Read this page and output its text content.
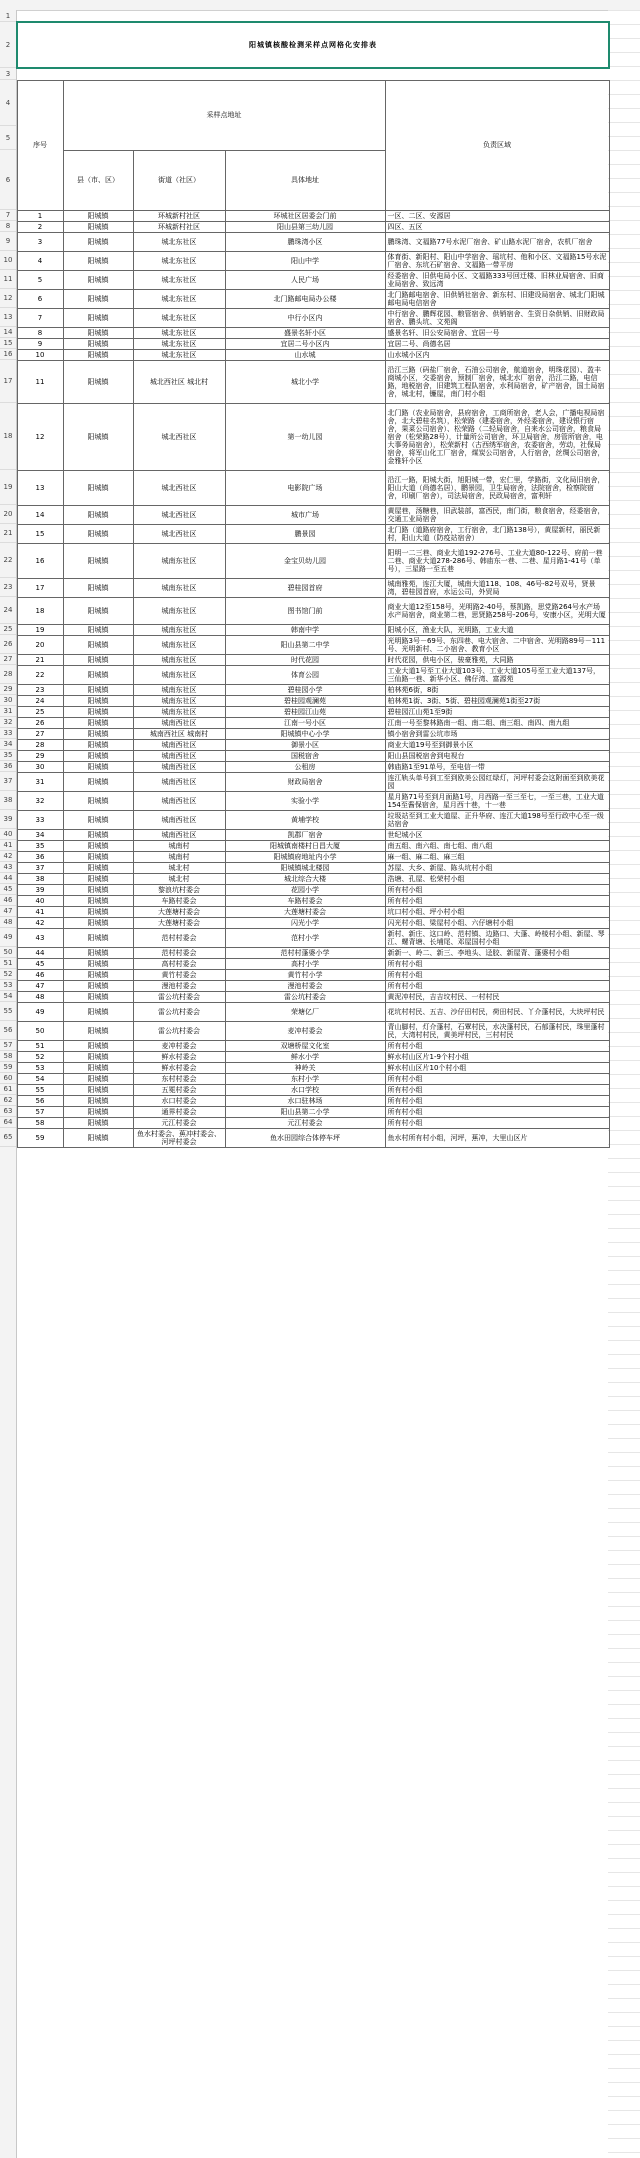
1
2
3
4
5
6
7
8
9
10
11
12
13
14
15
16
17
18
19
20
21
22
23
24
25
26
27
28
29
30
31
32
33
34
35
36
37
38
39
40
41
42
43
44
45
46
47
48
49
50
51
52
53
54
55
56
57
58
59
60
61
62
63
64
65

阳城镇核酸检测采样点网格化安排表				

序号	采样点地址			负责区域

	县（市、区）	街道（社区）	具体地址	
1	阳城镇	环城新村社区	环城社区居委会门前	一区、二区、安源居
2	阳城镇	环城新村社区	阳山县第三幼儿园	四区、五区
3	阳城镇	城北东社区	鹏珠湾小区	鹏珠湾、文福路77号水泥厂宿舍、矿山路水泥厂宿舍，农机厂宿舍
4	阳城镇	城北东社区	阳山中学	体育街、新阳村、阳山中学宿舍、瑶坑村、他和小区、文福路15号水泥厂宿舍、东坑石矿宿舍、文福路一带平房
5	阳城镇	城北东社区	人民广场	经委宿舍、旧供电局小区、文福路333号回迁楼、旧林业局宿舍、旧商业局宿舍、致远湾
6	阳城镇	城北东社区	北门路邮电局办公楼	北门路邮电宿舍、旧供销社宿舍、新东村、旧建设局宿舍、城北门阳城邮电局电信宿舍
7	阳城镇	城北东社区	中行小区内	中行宿舍、鹏辉花园、粮管宿舍、供销宿舍、生资日杂供销、旧财政局宿舍、鹏头坑、文苑阁
8	阳城镇	城北东社区	盛景名轩小区	盛景名轩、旧公安局宿舍、宜居一号
9	阳城镇	城北东社区	宜居二号小区内	宜居二号、尚德名居
10	阳城镇	城北东社区	山水城	山水城小区内
11	阳城镇	城北西社区 城北村	城北小学	沿江三路（码盐厂宿舍，石油公司宿舍，航道宿舍，明珠花园）、盈丰商城小区，交委宿舍，预制厂宿舍，城北水厂宿舍，沿江二路，电信路，地税宿舍，旧建筑工程队宿舍，水利局宿舍，矿产宿舍，国土局宿舍，城北村，镰屋，南门村小组
12	阳城镇	城北西社区	第一幼儿园	北门路（农业局宿舍，县府宿舍，工商所宿舍，老人会，广播电视局宿舍，北大碧桂名筑），松荣路（建委宿舍，外经委宿舍，建设银行宿舍，果菜公司宿舍）、松荣路（二轻局宿舍，自来水公司宿舍，粮食局宿舍（松荣路28号），计量所公司宿舍，环卫局宿舍，房管所宿舍，电大事务局宿舍），松荣新村（古西绣军宿舍，农委宿舍，劳动，社保局宿舍，将军山化工厂宿舍，煤炭公司宿舍，人行宿舍，丝绸公司宿舍，金雅轩小区
13	阳城镇	城北西社区	电影院广场	沿江一路，阳城大街，旭阳城一带，宏仁里，学路街，文化局旧宿舍，阳山大道（尚德名居），鹏景园，卫生局宿舍，法院宿舍，检察院宿舍，印刷厂宿舍），司法局宿舍，民政局宿舍，富利轩
14	阳城镇	城北西社区	城市广场	黄屋巷，汤糖巷，旧武装部，富西民，南门街，粮食宿舍，经委宿舍，交通工业局宿舍
15	阳城镇	城北西社区	鹏景园	北门路（道路府宿舍，工行宿舍，北门路138号），黄屋新村，丽民新村，阳山大道（防疫站宿舍）
16	阳城镇	城南东社区	金宝贝幼儿园	阳明一二三巷、商业大道192-276号、工业大道80-122号、府前一巷二巷、商业大道278-286号、韩庙东一巷、二巷、星月路1-41号（单号），三星路一至五巷
17	阳城镇	城南东社区	碧桂园首府	城南雅苑，连江大厦，城南大道118、108、46号-82号双号，贤景湾，碧桂园首府，水运公司，外贸局
18	阳城镇	城南东社区	图书馆门前	商业大道12至158号，光明路2-40号，蔡凯路，思党路264号水产场水产局宿舍，商业第二巷，思贤路258号-206号，安康小区，光明大厦
19	阳城镇	城南东社区	韩南中学	阳城小区，渔业大队，光明路，工业大道
20	阳城镇	城南东社区	阳山县第二中学	光明路3号－69号、东四巷、电大宿舍、二中宿舍、光明路89号－111号、光明新村、二小宿舍、教育小区
21	阳城镇	城南东社区	时代花园	时代花园，供电小区，骏豪雅苑，大同路
22	阳城镇	城南东社区	体育公园	工业大道1号至工业大道103号、工业大道105号至工业大道137号，三仙路一巷、新华小区、佛仔湾、富源苑
23	阳城镇	城南东社区	碧桂园小学	柏林苑6街，8街
24	阳城镇	城南东社区	碧桂园观澜苑	柏林苑1街、3街、5街、碧桂园观澜苑1街至27街
25	阳城镇	城南东社区	碧桂园江山苑	碧桂园江山苑1至9街
26	阳城镇	城南西社区	江南一号小区	江南一号至黎林路南一组、南二组、南三组、南四、南九组
27	阳城镇	城南西社区 城南村	阳城镇中心小学	镇小宿舍到雷公坑市场
28	阳城镇	城南西社区	御景小区	商业大道19号至到御景小区
29	阳城镇	城南西社区	国税宿舍	阳山县国税宿舍到电视台
30	阳城镇	城南西社区	公租房	韩庙路1至91单号，至电信一带
31	阳城镇	城南西社区	财政局宿舍	连江轨头单号到工至到欧美公园红绿灯，河坪村委会这附面至到欧美花园
32	阳城镇	城南西社区	实验小学	星月路71号至到月面路1号，月西路一至三至七，一至三巷，工业大道154至酱保宿舍，星月西十巷，十一巷
33	阳城镇	城南西社区	黄埔学校	垃圾站至到工业大道屋、正升华府、连江大道198号至行政中心至一级站宿舍
34	阳城镇	城南西社区	凯郡厂宿舍	世纪城小区
35	阳城镇	城南村	阳城镇南楼村日昌大厦	南五组、南六组、南七组、南八组
36	阳城镇	城南村	阳城镇府地址内小学	麻一组、麻二组、麻三组
37	阳城镇	城北村	阳城镇城北楼园	苏屋、大乡、新屋、陈头坑村小组
38	阳城镇	城北村	城北综合大楼	浩塘、孔屋、松荣村小组
39	阳城镇	黎浪坑村委会	花园小学	所有村小组
40	阳城镇	车路村委会	车路村委会	所有村小组
41	阳城镇	大莲塘村委会	大莲塘村委会	坑口村小组、坪小村小组
42	阳城镇	大莲塘村委会	闪光小学	闪光村小组、梁屋村小组、六仔塘村小组
43	阳城镇	范村村委会	范村小学	新村、新庄、这口岭、范村镇、边路口、大蓬、岭棱村小组、新屋、琴江、螺背塘、长埔尾、邓屋国村小组
44	阳城镇	范村村委会	范村村蓬婆小学	新新一、岭二、新三、李地头、迳胶、新屋背、蓬婆村小组
45	阳城镇	高村村委会	高村小学	所有村小组
46	阳城镇	黄竹村委会	黄竹村小学	所有村小组
47	阳城镇	漫池村委会	漫池村委会	所有村小组
48	阳城镇	雷公坑村委会	雷公坑村委会	黄泥冲村民，吉吉坟村民、一村村民
49	阳城镇	雷公坑村委会	荣塘亿厂	花坑村村民、五吉、沙仔田村民，荷田村民、丫介蓬村民，大块坪村民
50	阳城镇	雷公坑村委会	麦冲村委会	青山脚村，灯介蓬村，石覃村民，水决蓬村民，石郁蓬村民，珠里蓬村民，大湾村村民，黄美坪村民，三村村民
51	阳城镇	麦冲村委会	双塘桥屋文化室	所有村小组
52	阳城镇	鲜水村委会	鲜水小学	鲜水村山区片1-9个村小组
53	阳城镇	鲜水村委会	神岭关	鲜水村山区片10个村小组
54	阳城镇	东村村委会	东村小学	所有村小组
55	阳城镇	五冕村委会	水口学校	所有村小组
56	阳城镇	水口村委会	水口驻林场	所有村小组
57	阳城镇	通界村委会	阳山县第二小学	所有村小组
58	阳城镇	元江村委会	元江村委会	所有村小组
59	阳城镇	鱼水村委会、蕉冲村委会、河坪村委会	鱼水田园综合体停车坪	鱼水村所有村小组，河坪，蕉冲，大里山区片
